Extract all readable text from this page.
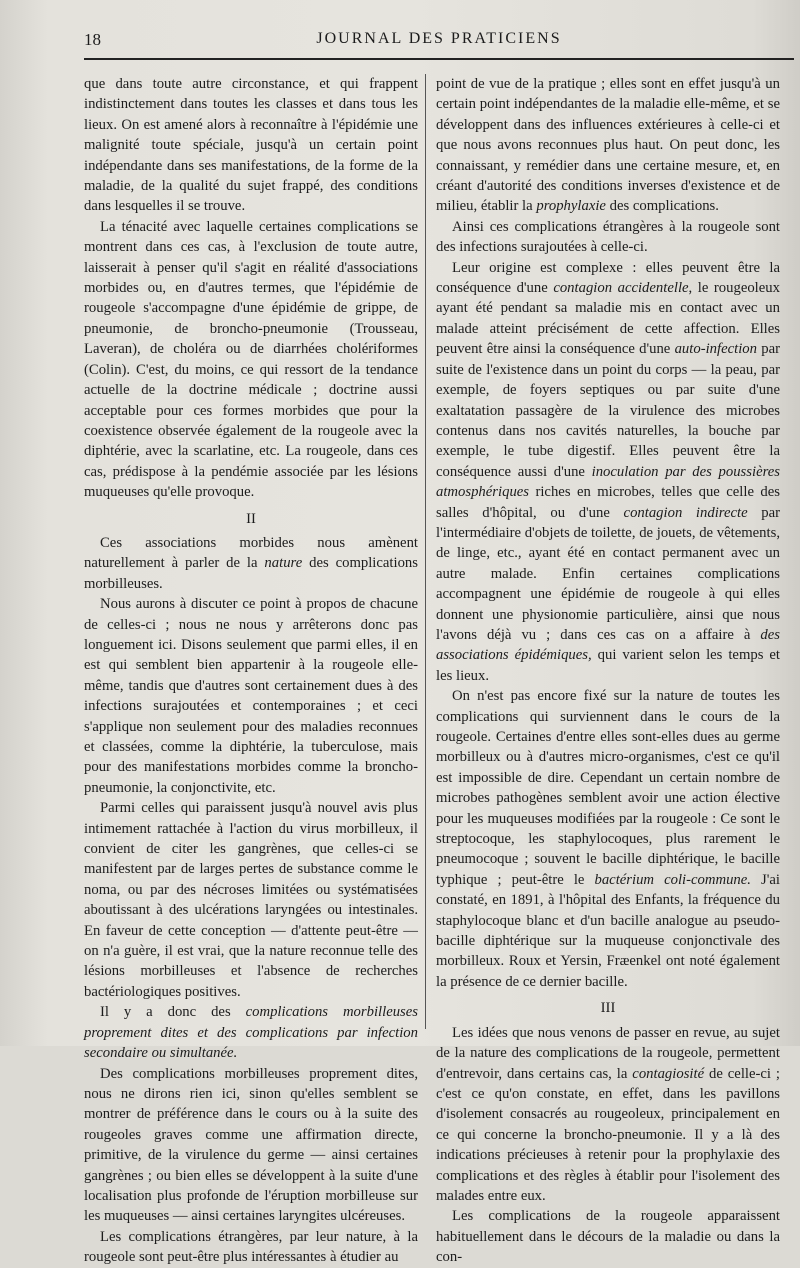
18	JOURNAL DES PRATICIENS

que dans toute autre circonstance, et qui frappent indistinctement dans toutes les classes et dans tous les lieux. On est amené alors à reconnaître à l'épidémie une malignité toute spéciale, jusqu'à un certain point indépendante dans ses manifestations, de la forme de la maladie, de la qualité du sujet frappé, des conditions dans lesquelles il se trouve.

La ténacité avec laquelle certaines complications se montrent dans ces cas, à l'exclusion de toute autre, laisserait à penser qu'il s'agit en réalité d'associations morbides ou, en d'autres termes, que l'épidémie de rougeole s'accompagne d'une épidémie de grippe, de pneumonie, de broncho-pneumonie (Trousseau, Laveran), de choléra ou de diarrhées cholériformes (Colin). C'est, du moins, ce qui ressort de la tendance actuelle de la doctrine médicale ; doctrine aussi acceptable pour ces formes morbides que pour la coexistence observée également de la rougeole avec la diphtérie, avec la scarlatine, etc. La rougeole, dans ces cas, prédispose à la pendémie associée par les lésions muqueuses qu'elle provoque.

II

Ces associations morbides nous amènent naturellement à parler de la nature des complications morbilleuses.

Nous aurons à discuter ce point à propos de chacune de celles-ci ; nous ne nous y arrêterons donc pas longuement ici. Disons seulement que parmi elles, il en est qui semblent bien appartenir à la rougeole elle-même, tandis que d'autres sont certainement dues à des infections surajoutées et contemporaines ; et ceci s'applique non seulement pour des maladies reconnues et classées, comme la diphtérie, la tuberculose, mais pour des manifestations morbides comme la broncho-pneumonie, la conjonctivite, etc.

Parmi celles qui paraissent jusqu'à nouvel avis plus intimement rattachée à l'action du virus morbilleux, il convient de citer les gangrènes, que celles-ci se manifestent par de larges pertes de substance comme le noma, ou par des nécroses limitées ou systématisées aboutissant à des ulcérations laryngées ou intestinales. En faveur de cette conception — d'attente peut-être — on n'a guère, il est vrai, que la nature reconnue telle des lésions morbilleuses et l'absence de recherches bactériologiques positives.

Il y a donc des complications morbilleuses proprement dites et des complications par infection secondaire ou simultanée.

Des complications morbilleuses proprement dites, nous ne dirons rien ici, sinon qu'elles semblent se montrer de préférence dans le cours ou à la suite des rougeoles graves comme une affirmation directe, primitive, de la virulence du germe — ainsi certaines gangrènes ; ou bien elles se développent à la suite d'une localisation plus profonde de l'éruption morbilleuse sur les muqueuses — ainsi certaines laryngites ulcéreuses.

Les complications étrangères, par leur nature, à la rougeole sont peut-être plus intéressantes à étudier au

point de vue de la pratique ; elles sont en effet jusqu'à un certain point indépendantes de la maladie elle-même, et se développent dans des influences extérieures à celle-ci et que nous avons reconnues plus haut. On peut donc, les connaissant, y remédier dans une certaine mesure, et, en créant d'autorité des conditions inverses d'existence et de milieu, établir la prophylaxie des complications.

Ainsi ces complications étrangères à la rougeole sont des infections surajoutées à celle-ci.

Leur origine est complexe : elles peuvent être la conséquence d'une contagion accidentelle, le rougeoleux ayant été pendant sa maladie mis en contact avec un malade atteint précisément de cette affection. Elles peuvent être ainsi la conséquence d'une auto-infection par suite de l'existence dans un point du corps — la peau, par exemple, de foyers septiques ou par suite d'une exaltatation passagère de la virulence des microbes contenus dans nos cavités naturelles, la bouche par exemple, le tube digestif. Elles peuvent être la conséquence aussi d'une inoculation par des poussières atmosphériques riches en microbes, telles que celle des salles d'hôpital, ou d'une contagion indirecte par l'intermédiaire d'objets de toilette, de jouets, de vêtements, de linge, etc., ayant été en contact permanent avec un autre malade. Enfin certaines complications accompagnent une épidémie de rougeole à qui elles donnent une physionomie particulière, ainsi que nous l'avons déjà vu ; dans ces cas on a affaire à des associations épidémiques, qui varient selon les temps et les lieux.

On n'est pas encore fixé sur la nature de toutes les complications qui surviennent dans le cours de la rougeole. Certaines d'entre elles sont-elles dues au germe morbilleux ou à d'autres micro-organismes, c'est ce qu'il est impossible de dire. Cependant un certain nombre de microbes pathogènes semblent avoir une action élective pour les muqueuses modifiées par la rougeole : Ce sont le streptocoque, les staphylocoques, plus rarement le pneumocoque ; souvent le bacille diphtérique, le bacille typhique ; peut-être le bactérium coli-commune. J'ai constaté, en 1891, à l'hôpital des Enfants, la fréquence du staphylocoque blanc et d'un bacille analogue au pseudo-bacille diphtérique sur la muqueuse conjonctivale des morbilleux. Roux et Yersin, Fræenkel ont noté également la présence de ce dernier bacille.

III

Les idées que nous venons de passer en revue, au sujet de la nature des complications de la rougeole, permettent d'entrevoir, dans certains cas, la contagiosité de celle-ci ; c'est ce qu'on constate, en effet, dans les pavillons d'isolement consacrés au rougeoleux, principalement en ce qui concerne la broncho-pneumonie. Il y a là des indications précieuses à retenir pour la prophylaxie des complications et des règles à établir pour l'isolement des malades entre eux.

Les complications de la rougeole apparaissent habituellement dans le décours de la maladie ou dans la con-
